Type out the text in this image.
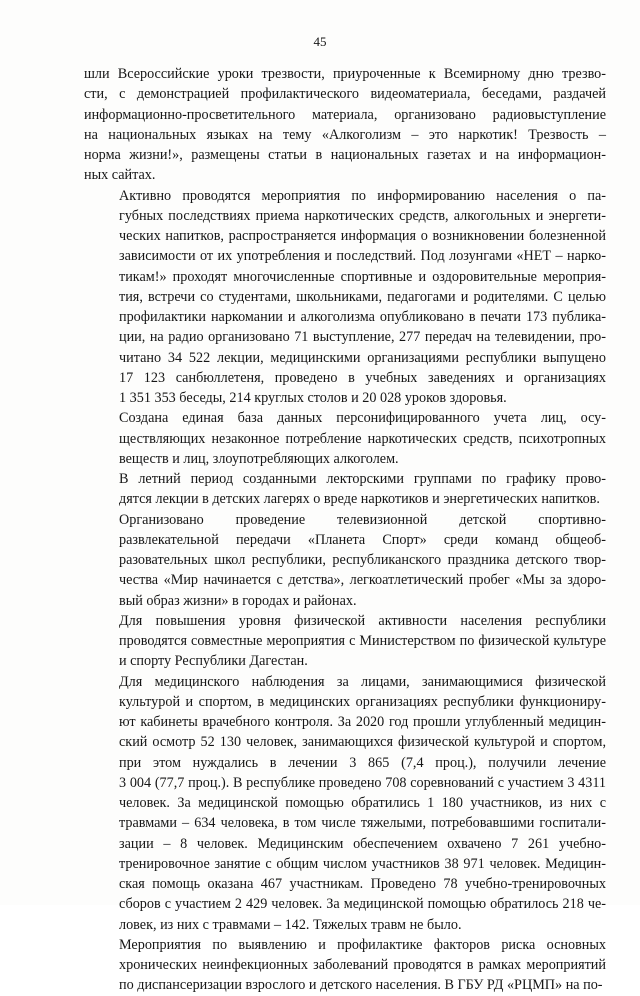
45
шли Всероссийские уроки трезвости, приуроченные к Всемирному дню трезво-
сти, с демонстрацией профилактического видеоматериала, беседами, раздачей
информационно-просветительного материала, организовано радиовыступление
на национальных языках на тему «Алкоголизм – это наркотик! Трезвость –
норма жизни!», размещены статьи в национальных газетах и на информацион-
ных сайтах.
Активно проводятся мероприятия по информированию населения о па-
губных последствиях приема наркотических средств, алкогольных и энергети-
ческих напитков, распространяется информация о возникновении болезненной
зависимости от их употребления и последствий. Под лозунгами «НЕТ – нарко-
тикам!» проходят многочисленные спортивные и оздоровительные мероприя-
тия, встречи со студентами, школьниками, педагогами и родителями. С целью
профилактики наркомании и алкоголизма опубликовано в печати 173 публика-
ции, на радио организовано 71 выступление, 277 передач на телевидении, про-
читано 34 522 лекции, медицинскими организациями республики выпущено
17 123 санбюллетеня, проведено в учебных заведениях и организациях
1 351 353 беседы, 214 круглых столов и 20 028 уроков здоровья.
Создана единая база данных персонифицированного учета лиц, осу-
ществляющих незаконное потребление наркотических средств, психотропных
веществ и лиц, злоупотребляющих алкоголем.
В летний период созданными лекторскими группами по графику прово-
дятся лекции в детских лагерях о вреде наркотиков и энергетических напитков.
Организовано проведение телевизионной детской спортивно-
развлекательной передачи «Планета Спорт» среди команд общеоб-
разовательных школ республики, республиканского праздника детского твор-
чества «Мир начинается с детства», легкоатлетический пробег «Мы за здоро-
вый образ жизни» в городах и районах.
Для повышения уровня физической активности населения республики
проводятся совместные мероприятия с Министерством по физической культуре
и спорту Республики Дагестан.
Для медицинского наблюдения за лицами, занимающимися физической
культурой и спортом, в медицинских организациях республики функциониру-
ют кабинеты врачебного контроля. За 2020 год прошли углубленный медицин-
ский осмотр 52 130 человек, занимающихся физической культурой и спортом,
при этом нуждались в лечении 3 865 (7,4 проц.), получили лечение
3 004 (77,7 проц.). В республике проведено 708 соревнований с участием 3 4311
человек. За медицинской помощью обратились 1 180 участников, из них с
травмами – 634 человека, в том числе тяжелыми, потребовавшими госпитали-
зации – 8 человек. Медицинским обеспечением охвачено 7 261 учебно-
тренировочное занятие с общим числом участников 38 971 человек. Медицин-
ская помощь оказана 467 участникам. Проведено 78 учебно-тренировочных
сборов с участием 2 429 человек. За медицинской помощью обратилось 218 че-
ловек, из них с травмами – 142. Тяжелых травм не было.
Мероприятия по выявлению и профилактике факторов риска основных
хронических неинфекционных заболеваний проводятся в рамках мероприятий
по диспансеризации взрослого и детского населения. В ГБУ РД «РЦМП» на по-
